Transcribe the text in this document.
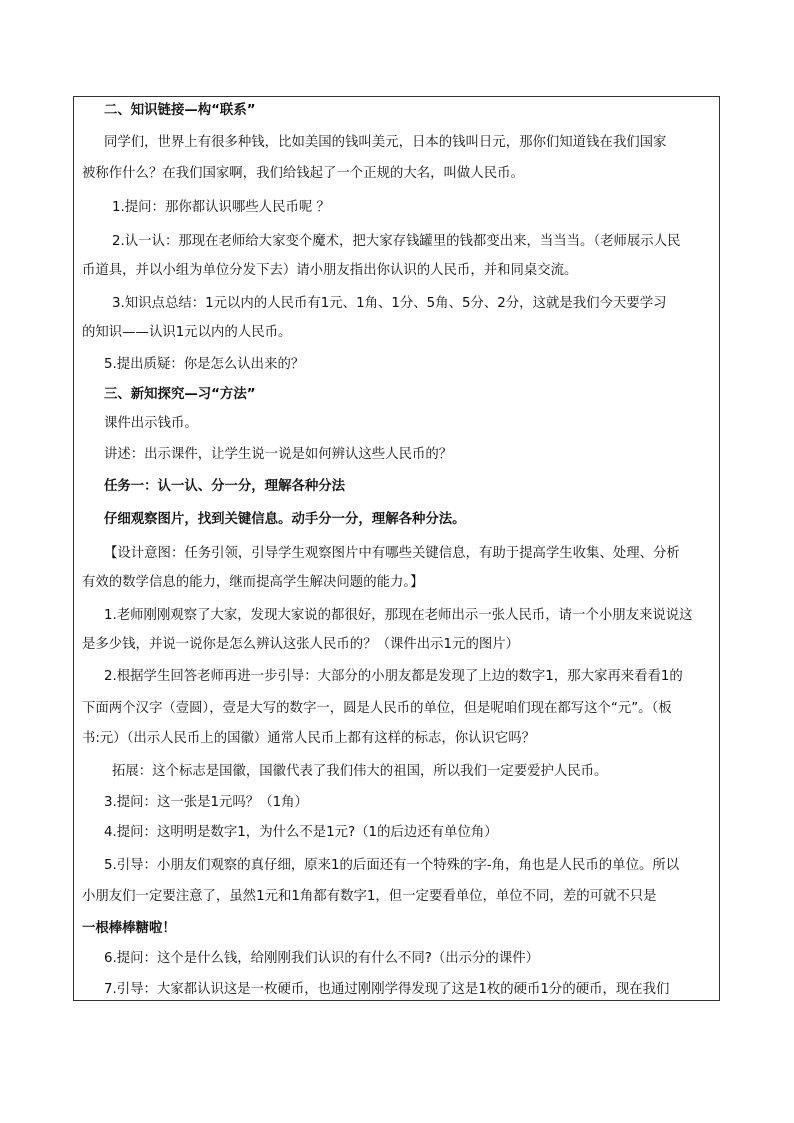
二、知识链接—构“联系”
同学们，世界上有很多种钱，比如美国的钱叫美元，日本的钱叫日元，那你们知道钱在我们国家
被称作什么？在我们国家啊，我们给钱起了一个正规的大名，叫做人民币。
1.提问：那你都认识哪些人民币呢 ？
2.认一认：那现在老师给大家变个魔术，把大家存钱罐里的钱都变出来，当当当。（老师展示人民
币道具，并以小组为单位分发下去）请小朋友指出你认识的人民币，并和同桌交流。
3.知识点总结：1元以内的人民币有1元、1角、1分、5角、5分、2分，这就是我们今天要学习
的知识——认识1元以内的人民币。
5.提出质疑：你是怎么认出来的？
三、新知探究—习“方法”
课件出示钱币。
讲述：出示课件，让学生说一说是如何辨认这些人民币的？
任务一：认一认、分一分，理解各种分法
仔细观察图片，找到关键信息。动手分一分，理解各种分法。
【设计意图：任务引领，引导学生观察图片中有哪些关键信息，有助于提高学生收集、处理、分析
有效的数学信息的能力，继而提高学生解决问题的能力。】
1.老师刚刚观察了大家，发现大家说的都很好，那现在老师出示一张人民币，请一个小朋友来说说这
是多少钱，并说一说你是怎么辨认这张人民币的？（课件出示1元的图片）
2.根据学生回答老师再进一步引导：大部分的小朋友都是发现了上边的数字1，那大家再来看看1的
下面两个汉字（壹圆），壹是大写的数字一，圆是人民币的单位，但是呢咱们现在都写这个“元”。（板
书:元）（出示人民币上的国徽）通常人民币上都有这样的标志，你认识它吗？
拓展：这个标志是国徽，国徽代表了我们伟大的祖国，所以我们一定要爱护人民币。
3.提问：这一张是1元吗？（1角）
4.提问：这明明是数字1，为什么不是1元?（1的后边还有单位角）
5.引导：小朋友们观察的真仔细，原来1的后面还有一个特殊的字-角，角也是人民币的单位。所以
小朋友们一定要注意了，虽然1元和1角都有数字1，但一定要看单位，单位不同，差的可就不只是
一根棒棒糖啦！
6.提问：这个是什么钱，给刚刚我们认识的有什么不同?（出示分的课件）
7.引导：大家都认识这是一枚硬币，也通过刚刚学得发现了这是1枚的硬币1分的硬币，现在我们
